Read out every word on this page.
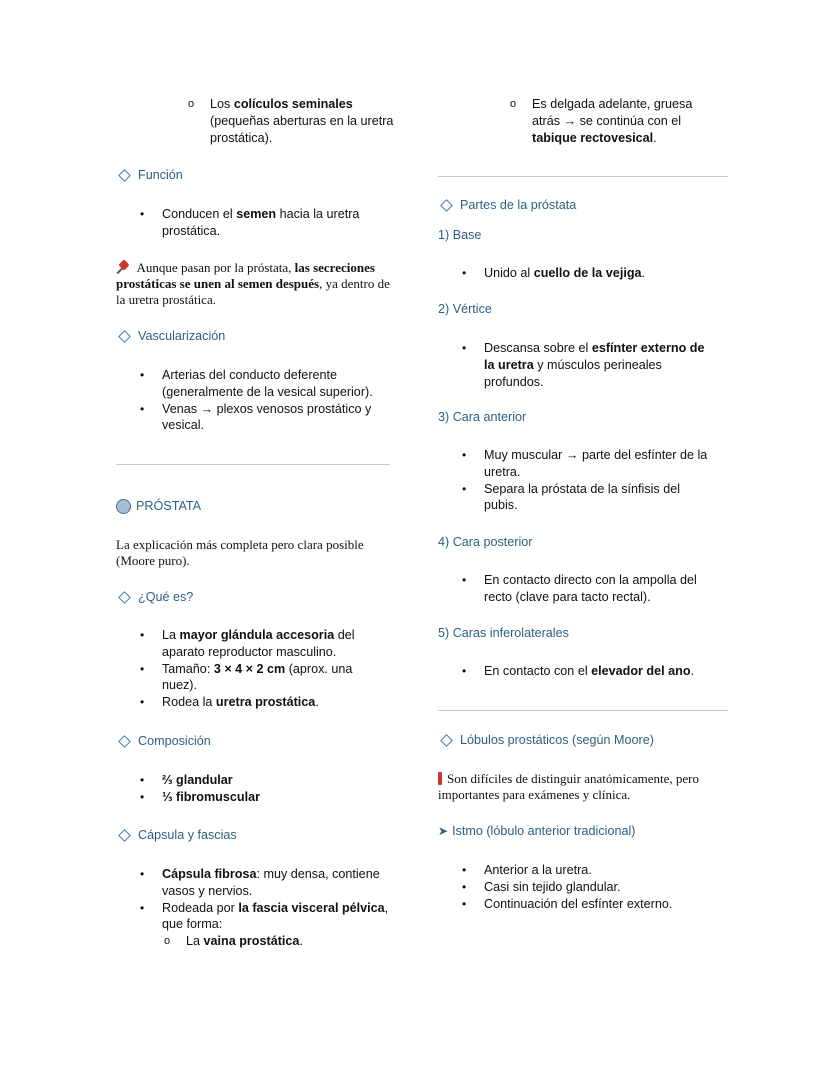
o	Los colículos seminales
(pequeñas aberturas en la uretra prostática).
Función
•	Conducen el semen hacia la uretra prostática.
Aunque pasan por la próstata, las secreciones prostáticas se unen al semen después, ya dentro de la uretra prostática.
Vascularización
•	Arterias del conducto deferente (generalmente de la vesical superior).
•	Venas → plexos venosos prostático y vesical.
PRÓSTATA
La explicación más completa pero clara posible (Moore puro).
¿Qué es?
•	La mayor glándula accesoria del aparato reproductor masculino.
•	Tamaño: 3 × 4 × 2 cm (aprox. una nuez).
•	Rodea la uretra prostática.
Composición
•	⅔ glandular
•	⅓ fibromuscular
Cápsula y fascias
•	Cápsula fibrosa: muy densa, contiene vasos y nervios.
•	Rodeada por la fascia visceral pélvica, que forma:
o	La vaina prostática.
o	Es delgada adelante, gruesa atrás → se continúa con el tabique rectovesical.
Partes de la próstata
1) Base
•	Unido al cuello de la vejiga.
2) Vértice
•	Descansa sobre el esfínter externo de la uretra y músculos perineales profundos.
3) Cara anterior
•	Muy muscular → parte del esfínter de la uretra.
•	Separa la próstata de la sínfisis del pubis.
4) Cara posterior
•	En contacto directo con la ampolla del recto (clave para tacto rectal).
5) Caras inferolaterales
•	En contacto con el elevador del ano.
Lóbulos prostáticos (según Moore)
Son difíciles de distinguir anatómicamente, pero importantes para exámenes y clínica.
➤ Istmo (lóbulo anterior tradicional)
•	Anterior a la uretra.
•	Casi sin tejido glandular.
•	Continuación del esfínter externo.
